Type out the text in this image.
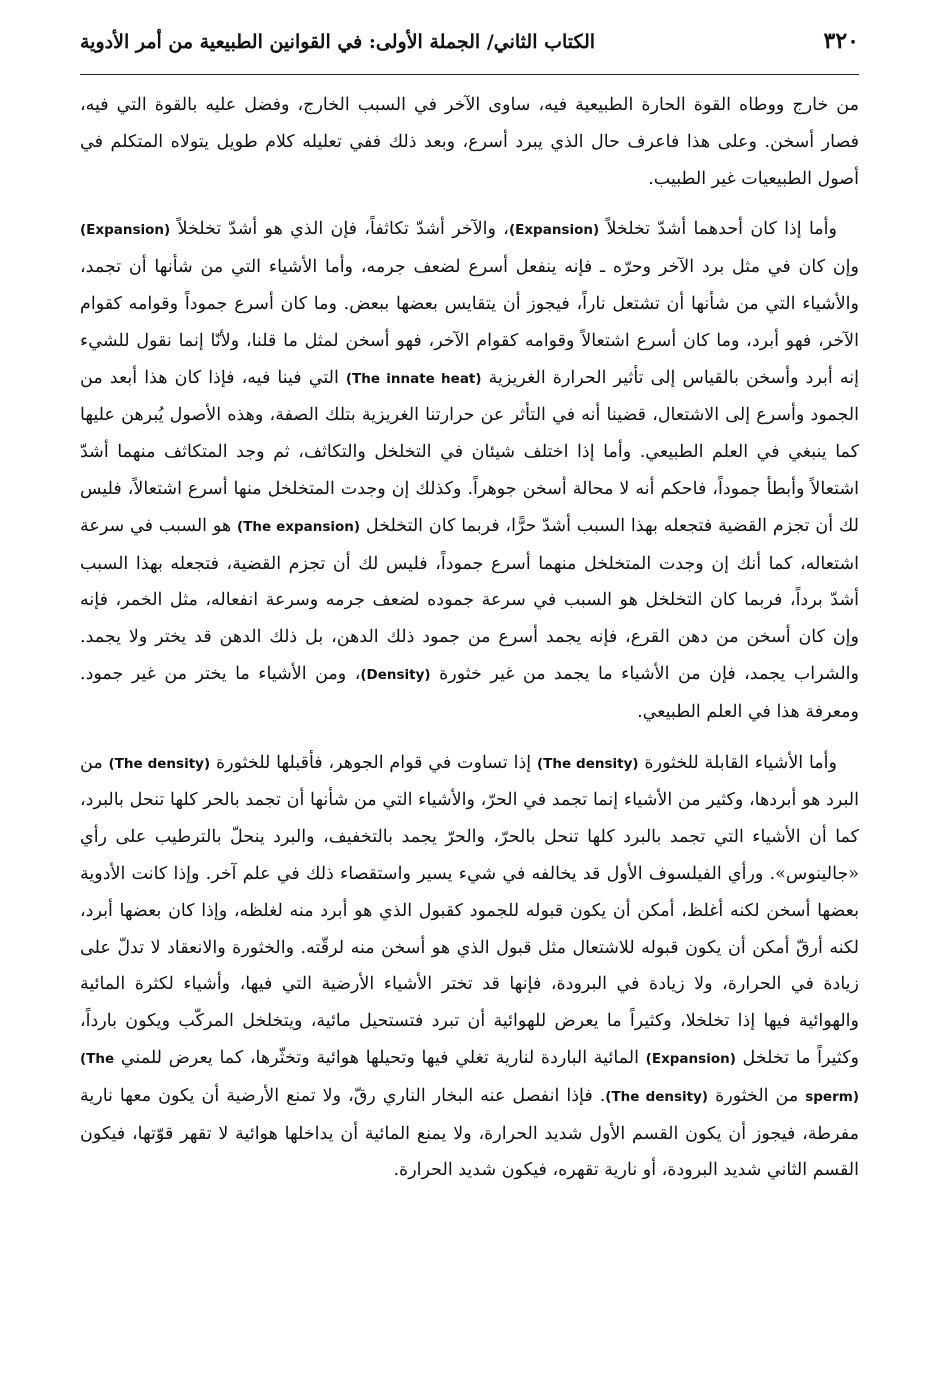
٣٢٠
الكتاب الثاني/ الجملة الأولى: في القوانين الطبيعية من أمر الأدوية

من خارج ووطاه القوة الحارة الطبيعية فيه، ساوى الآخر في السبب الخارج، وفضل عليه بالقوة التي فيه، فصار أسخن. وعلى هذا فاعرف حال الذي يبرد أسرع، وبعد ذلك ففي تعليله كلام طويل يتولاه المتكلم في أصول الطبيعيات غير الطبيب.

وأما إذا كان أحدهما أشدّ تخلخلاً (Expansion)، والآخر أشدّ تكاثفاً، فإن الذي هو أشدّ تخلخلاً (Expansion) وإن كان في مثل برد الآخر وحرّه ـ فإنه ينفعل أسرع لضعف جرمه، وأما الأشياء التي من شأنها أن تجمد، والأشياء التي من شأنها أن تشتعل ناراً، فيجوز أن يتقايس بعضها ببعض. وما كان أسرع جموداً وقوامه كقوام الآخر، فهو أبرد، وما كان أسرع اشتعالاً وقوامه كقوام الآخر، فهو أسخن لمثل ما قلنا، ولأنّا إنما نقول للشيء إنه أبرد وأسخن بالقياس إلى تأثير الحرارة الغريزية (The innate heat) التي فينا فيه، فإذا كان هذا أبعد من الجمود وأسرع إلى الاشتعال، قضينا أنه في التأثر عن حرارتنا الغريزية بتلك الصفة، وهذه الأصول يُبرهن عليها كما ينبغي في العلم الطبيعي. وأما إذا اختلف شيئان في التخلخل والتكاثف، ثم وجد المتكاثف منهما أشدّ اشتعالاً وأبطأ جموداً، فاحكم أنه لا محالة أسخن جوهراً. وكذلك إن وجدت المتخلخل منها أسرع اشتعالاً، فليس لك أن تجزم القضية فتجعله بهذا السبب أشدّ حرًّا، فربما كان التخلخل (The expansion) هو السبب في سرعة اشتعاله، كما أنك إن وجدت المتخلخل منهما أسرع جموداً، فليس لك أن تجزم القضية، فتجعله بهذا السبب أشدّ برداً، فربما كان التخلخل هو السبب في سرعة جموده لضعف جرمه وسرعة انفعاله، مثل الخمر، فإنه وإن كان أسخن من دهن القرع، فإنه يجمد أسرع من جمود ذلك الدهن، بل ذلك الدهن قد يختر ولا يجمد. والشراب يجمد، فإن من الأشياء ما يجمد من غير خثورة (Density)، ومن الأشياء ما يختر من غير جمود. ومعرفة هذا في العلم الطبيعي.

وأما الأشياء القابلة للخثورة (The density) إذا تساوت في قوام الجوهر، فأقبلها للخثورة (The density) من البرد هو أبردها، وكثير من الأشياء إنما تجمد في الحرّ، والأشياء التي من شأنها أن تجمد بالحر كلها تنحل بالبرد، كما أن الأشياء التي تجمد بالبرد كلها تنحل بالحرّ، والحرّ يجمد بالتخفيف، والبرد ينحلّ بالترطيب على رأي «جالينوس». ورأي الفيلسوف الأول قد يخالفه في شيء يسير واستقصاء ذلك في علم آخر. وإذا كانت الأدوية بعضها أسخن لكنه أغلظ، أمكن أن يكون قبوله للجمود كقبول الذي هو أبرد منه لغلظه، وإذا كان بعضها أبرد، لكنه أرقّ أمكن أن يكون قبوله للاشتعال مثل قبول الذي هو أسخن منه لرقّته. والخثورة والانعقاد لا تدلّ على زيادة في الحرارة، ولا زيادة في البرودة، فإنها قد تختر الأشياء الأرضية التي فيها، وأشياء لكثرة المائية والهوائية فيها إذا تخلخلا، وكثيراً ما يعرض للهوائية أن تبرد فتستحيل مائية، ويتخلخل المركّب ويكون بارداً، وكثيراً ما تخلخل (Expansion) المائية الباردة لنارية تغلي فيها وتحيلها هوائية وتخثّرها، كما يعرض للمني (The sperm) من الخثورة (The density). فإذا انفصل عنه البخار الناري رقّ، ولا تمنع الأرضية أن يكون معها نارية مفرطة، فيجوز أن يكون القسم الأول شديد الحرارة، ولا يمنع المائية أن يداخلها هوائية لا تقهر قوّتها، فيكون القسم الثاني شديد البرودة، أو نارية تقهره، فيكون شديد الحرارة.
